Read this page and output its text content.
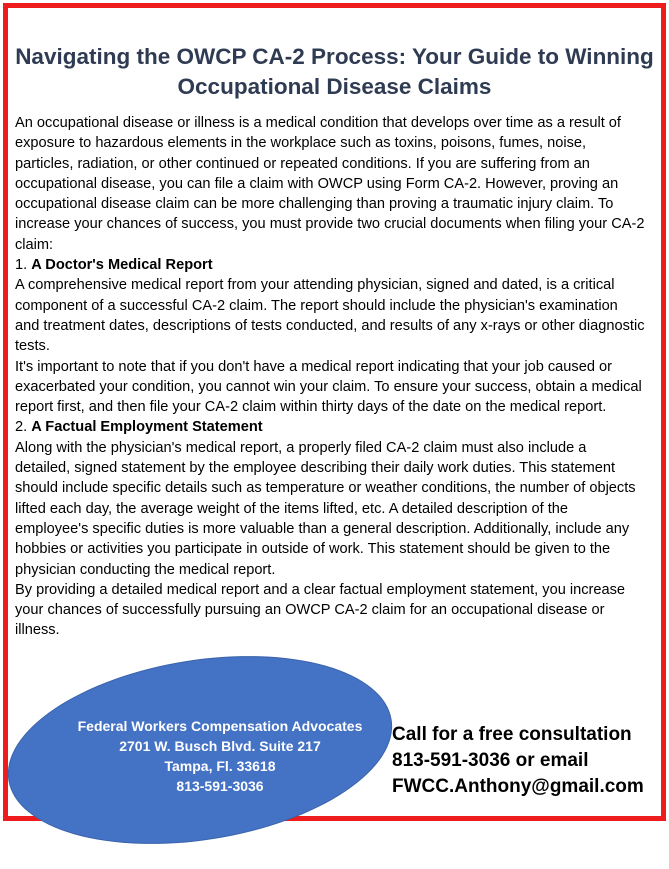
Navigating the OWCP CA-2 Process: Your Guide to Winning Occupational Disease Claims

An occupational disease or illness is a medical condition that develops over time as a result of exposure to hazardous elements in the workplace such as toxins, poisons, fumes, noise, particles, radiation, or other continued or repeated conditions. If you are suffering from an occupational disease, you can file a claim with OWCP using Form CA-2. However, proving an occupational disease claim can be more challenging than proving a traumatic injury claim. To increase your chances of success, you must provide two crucial documents when filing your CA-2 claim:

1. A Doctor's Medical Report

A comprehensive medical report from your attending physician, signed and dated, is a critical component of a successful CA-2 claim. The report should include the physician's examination and treatment dates, descriptions of tests conducted, and results of any x-rays or other diagnostic tests.

It's important to note that if you don't have a medical report indicating that your job caused or exacerbated your condition, you cannot win your claim. To ensure your success, obtain a medical report first, and then file your CA-2 claim within thirty days of the date on the medical report.

2. A Factual Employment Statement

Along with the physician's medical report, a properly filed CA-2 claim must also include a detailed, signed statement by the employee describing their daily work duties. This statement should include specific details such as temperature or weather conditions, the number of objects lifted each day, the average weight of the items lifted, etc. A detailed description of the employee's specific duties is more valuable than a general description. Additionally, include any hobbies or activities you participate in outside of work. This statement should be given to the physician conducting the medical report.

By providing a detailed medical report and a clear factual employment statement, you increase your chances of successfully pursuing an OWCP CA-2 claim for an occupational disease or illness.

Federal Workers Compensation Advocates
2701 W. Busch Blvd. Suite 217
Tampa, Fl. 33618
813-591-3036
Call for a free consultation
813-591-3036 or email
FWCC.Anthony@gmail.com
